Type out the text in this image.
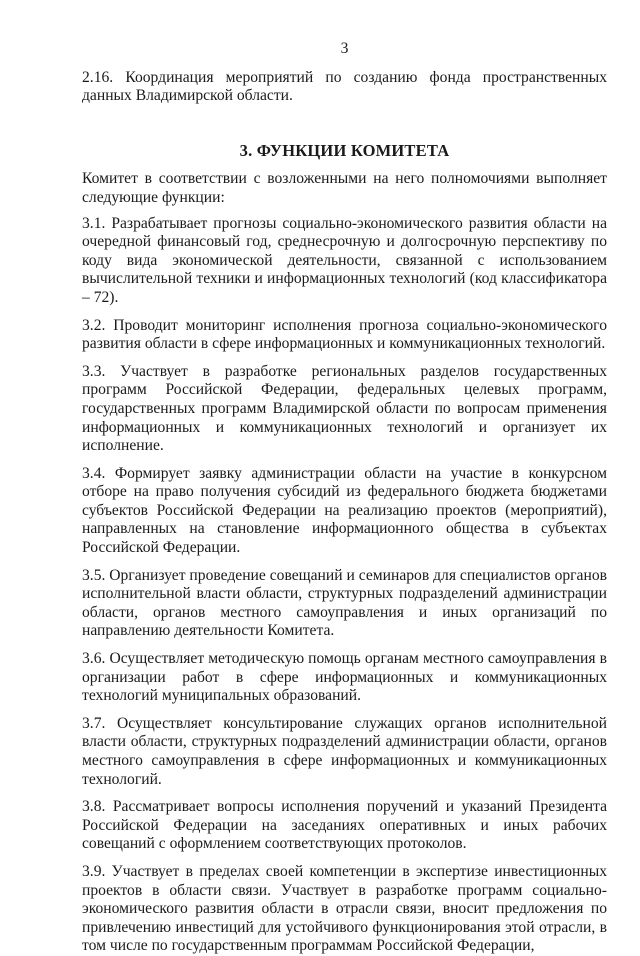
3

2.16. Координация мероприятий по созданию фонда пространственных данных Владимирской области.

3. ФУНКЦИИ КОМИТЕТА

Комитет в соответствии с возложенными на него полномочиями выполняет следующие функции:

3.1. Разрабатывает прогнозы социально-экономического развития области на очередной финансовый год, среднесрочную и долгосрочную перспективу по коду вида экономической деятельности, связанной с использованием вычислительной техники и информационных технологий (код классификатора – 72).

3.2. Проводит мониторинг исполнения прогноза социально-экономического развития области в сфере информационных и коммуникационных технологий.

3.3. Участвует в разработке региональных разделов государственных программ Российской Федерации, федеральных целевых программ, государственных программ Владимирской области по вопросам применения информационных и коммуникационных технологий и организует их исполнение.

3.4. Формирует заявку администрации области на участие в конкурсном отборе на право получения субсидий из федерального бюджета бюджетами субъектов Российской Федерации на реализацию проектов (мероприятий), направленных на становление информационного общества в субъектах Российской Федерации.

3.5. Организует проведение совещаний и семинаров для специалистов органов исполнительной власти области, структурных подразделений администрации области, органов местного самоуправления и иных организаций по направлению деятельности Комитета.

3.6. Осуществляет методическую помощь органам местного самоуправления в организации работ в сфере информационных и коммуникационных технологий муниципальных образований.

3.7. Осуществляет консультирование служащих органов исполнительной власти области, структурных подразделений администрации области, органов местного самоуправления в сфере информационных и коммуникационных технологий.

3.8. Рассматривает вопросы исполнения поручений и указаний Президента Российской Федерации на заседаниях оперативных и иных рабочих совещаний с оформлением соответствующих протоколов.

3.9. Участвует в пределах своей компетенции в экспертизе инвестиционных проектов в области связи. Участвует в разработке программ социально-экономического развития области в отрасли связи, вносит предложения по привлечению инвестиций для устойчивого функционирования этой отрасли, в том числе по государственным программам Российской Федерации,
